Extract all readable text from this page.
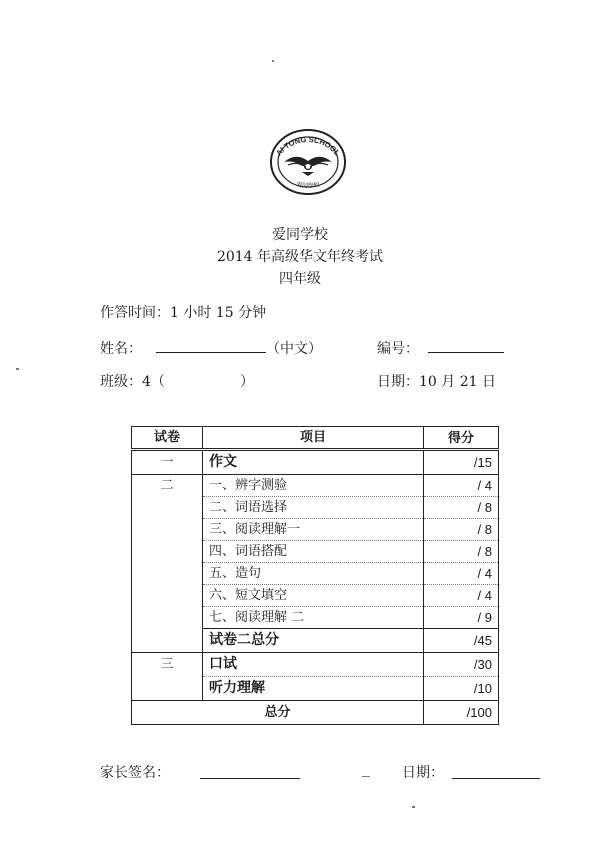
AI TONG SCHOOL
爱同學校
爱同学校
2014 年高级华文年终考试
四年级
作答时间：1 小时 15 分钟
姓名：	（中文）	编号：
班级：4（	）	日期：10 月 21 日
试卷	项目	得分
一	作文	/15
二	一、辨字测验	/ 4
	二、词语选择	/ 8
	三、阅读理解一	/ 8
	四、词语搭配	/ 8
	五、造句	/ 4
	六、短文填空	/ 4
	七、阅读理解 二	/ 9
	试卷二总分	/45
三	口试	/30
	听力理解	/10
总分		/100
家长签名：	日期：
